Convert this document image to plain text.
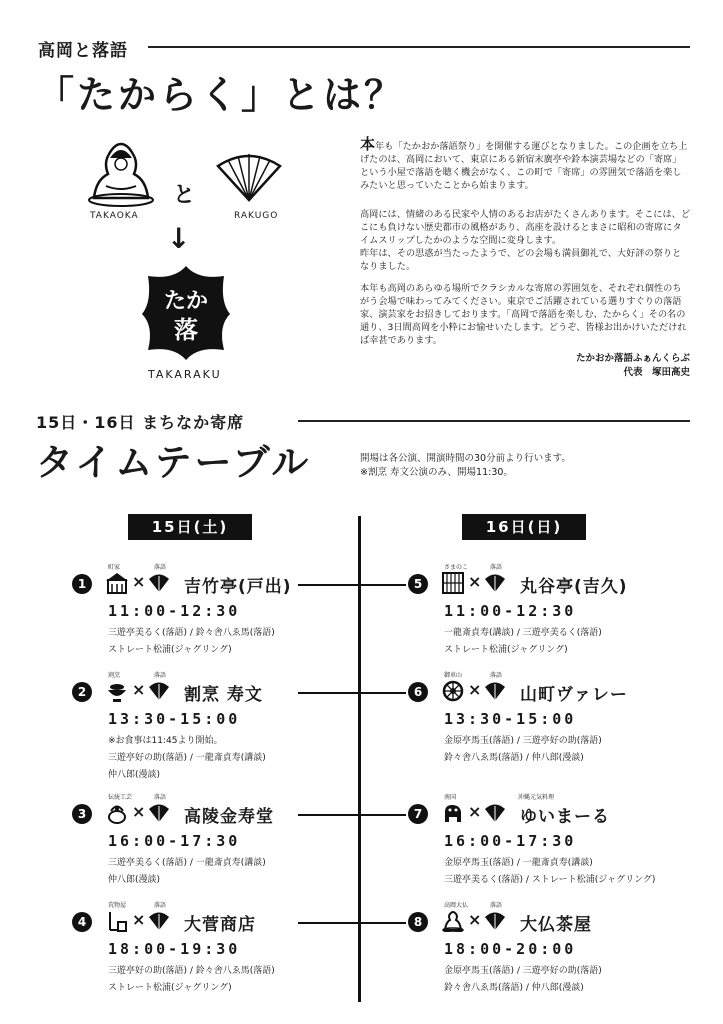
高岡と落語
「たからく」とは？
TAKAOKA
と
RAKUGO
↓
たか
落
TAKARAKU
本年も「たかおか落語祭り」を開催する運びとなりました。この企画を立ち上げたのは、高岡において、東京にある新宿末廣亭や鈴本演芸場などの「寄席」という小屋で落語を聴く機会がなく、この町で「寄席」の雰囲気で落語を楽しみたいと思っていたことから始まります。
高岡には、情緒のある民家や人情のあるお店がたくさんあります。そこには、どこにも負けない歴史都市の風格があり、高座を設けるとまさに昭和の寄席にタイムスリップしたかのような空間に変身します。
昨年は、その思惑が当たったようで、どの会場も満員御礼で、大好評の祭りとなりました。
本年も高岡のあらゆる場所でクラシカルな寄席の雰囲気を、それぞれ個性のちがう会場で味わってみてください。東京でご活躍されている選りすぐりの落語家、演芸家をお招きしております。「高岡で落語を楽しむ、たからく」その名の通り、3日間高岡を小粋にお愉せいたします。どうぞ、皆様お出かけいただければ幸甚であります。
たかおか落語ふぁんくらぶ
代表　塚田高史
15日・16日 まちなか寄席
タイムテーブル	開場は各公演、開演時間の30分前より行います。
※割烹 寿文公演のみ、開場11:30。
15日(土)	16日(日)
1
町家	落語
× 吉竹亭(戸出)
11:00-12:30
三遊亭美るく(落語) / 鈴々舎八ゑ馬(落語)
ストレート松浦(ジャグリング)
2
割烹	落語
× 割烹 寿文
13:30-15:00
※お食事は11:45より開始。
三遊亭好の助(落語) / 一龍斎貞寿(講談)
仲八郎(漫談)
3
伝統工芸	落語
× 高陵金寿堂
16:00-17:30
三遊亭美るく(落語) / 一龍斎貞寿(講談)
仲八郎(漫談)
4
荒物屋	落語
× 大菅商店
18:00-19:30
三遊亭好の助(落語) / 鈴々舎八ゑ馬(落語)
ストレート松浦(ジャグリング)
5
さまのこ	落語
× 丸谷亭(吉久)
11:00-12:30
一龍斎貞寿(講談) / 三遊亭美るく(落語)
ストレート松浦(ジャグリング)
6
御車山	落語
× 山町ヴァレー
13:30-15:00
金原亭馬玉(落語) / 三遊亭好の助(落語)
鈴々舎八ゑ馬(落語) / 仲八郎(漫談)
7
南国	沖縄元気料理
× ゆいまーる
16:00-17:30
金原亭馬玉(落語) / 一龍斎貞寿(講談)
三遊亭美るく(落語) / ストレート松浦(ジャグリング)
8
高岡大仏	落語
× 大仏茶屋
18:00-20:00
金原亭馬玉(落語) / 三遊亭好の助(落語)
鈴々舎八ゑ馬(落語) / 仲八郎(漫談)
